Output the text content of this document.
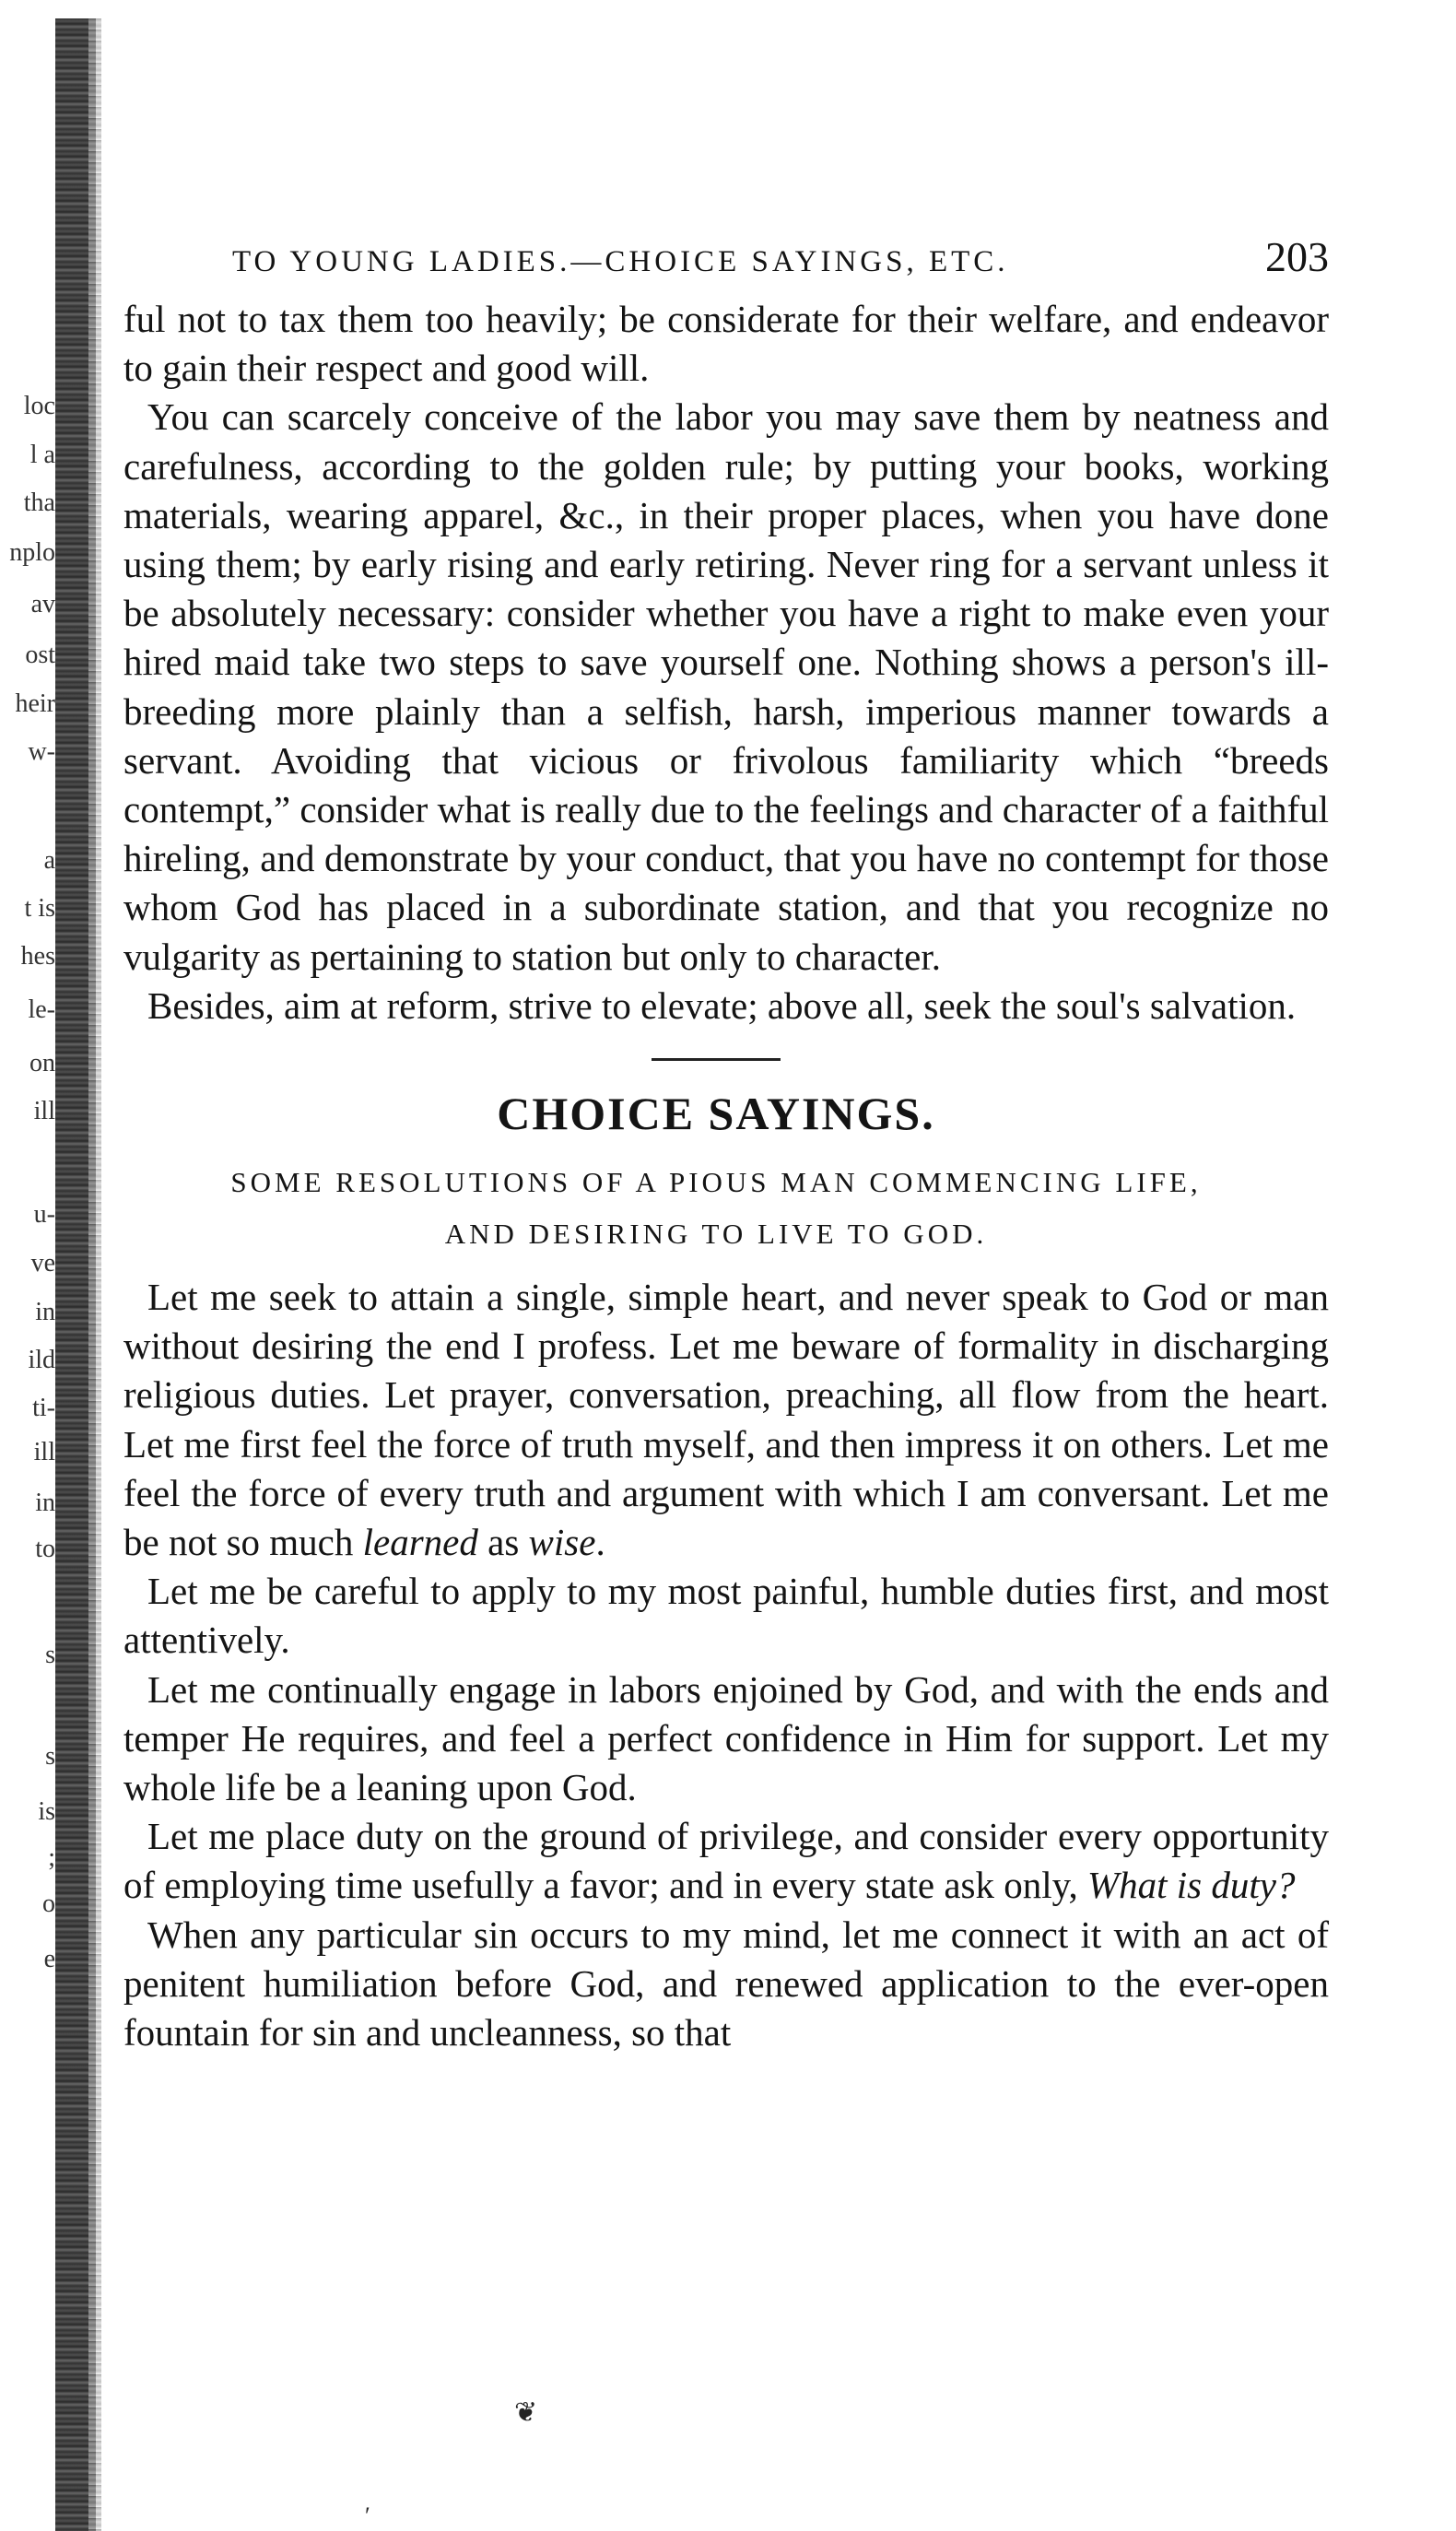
loc
l a
tha
nplo
av
ost
heir
w-
a
t is
hes
le-
on
ill
u-
ve
in
ild
ti-
ill
in
to
s
s
is
;
o
e
TO YOUNG LADIES.—CHOICE SAYINGS, ETC.	203

ful not to tax them too heavily; be considerate for their welfare, and endeavor to gain their respect and good will.

You can scarcely conceive of the labor you may save them by neatness and carefulness, according to the golden rule; by putting your books, working materials, wearing apparel, &c., in their proper places, when you have done using them; by early rising and early retiring. Never ring for a servant unless it be absolutely necessary: consider whether you have a right to make even your hired maid take two steps to save yourself one. Nothing shows a person's ill-breeding more plainly than a selfish, harsh, imperious manner towards a servant. Avoiding that vicious or frivolous familiarity which “breeds contempt,” consider what is really due to the feelings and character of a faithful hireling, and demonstrate by your conduct, that you have no contempt for those whom God has placed in a subordinate station, and that you recognize no vulgarity as pertaining to station but only to character.

Besides, aim at reform, strive to elevate; above all, seek the soul's salvation.

CHOICE SAYINGS.
SOME RESOLUTIONS OF A PIOUS MAN COMMENCING LIFE,
AND DESIRING TO LIVE TO GOD.

Let me seek to attain a single, simple heart, and never speak to God or man without desiring the end I profess. Let me beware of formality in discharging religious duties. Let prayer, conversation, preaching, all flow from the heart. Let me first feel the force of truth myself, and then impress it on others. Let me feel the force of every truth and argument with which I am conversant. Let me be not so much learned as wise.

Let me be careful to apply to my most painful, humble duties first, and most attentively.

Let me continually engage in labors enjoined by God, and with the ends and temper He requires, and feel a perfect confidence in Him for support. Let my whole life be a leaning upon God.

Let me place duty on the ground of privilege, and consider every opportunity of employing time usefully a favor; and in every state ask only, What is duty?

When any particular sin occurs to my mind, let me connect it with an act of penitent humiliation before God, and renewed application to the ever-open fountain for sin and uncleanness, so that

❦
′
